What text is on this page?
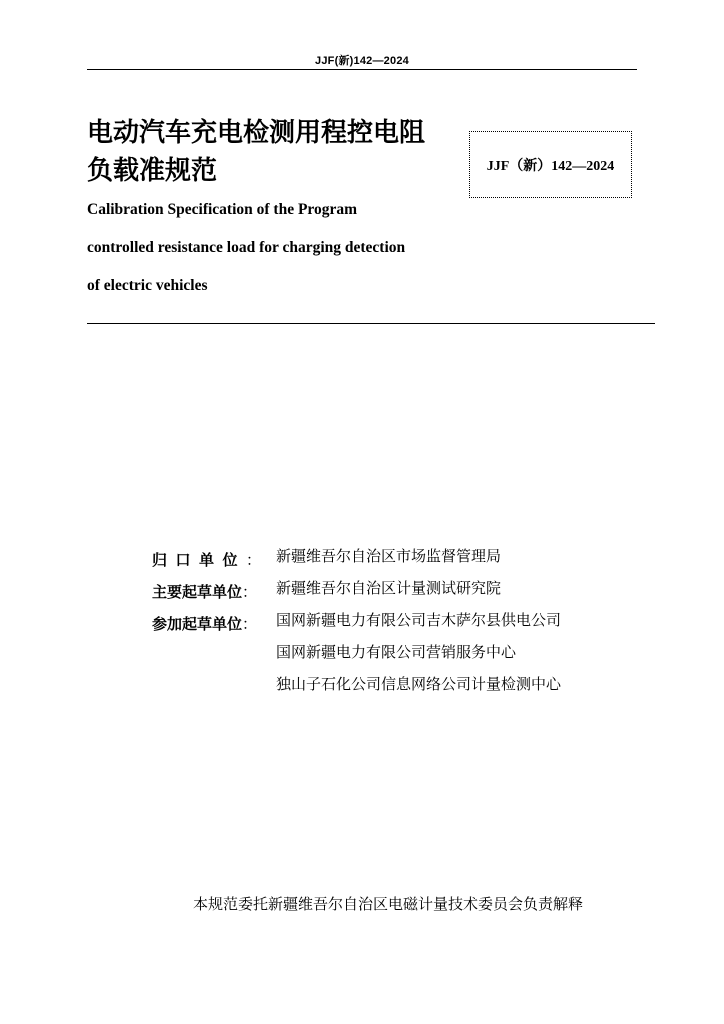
JJF(新)142—2024
电动汽车充电检测用程控电阻
负载准规范	JJF（新）142—2024
Calibration Specification of the Program
controlled resistance load for charging detection
of electric vehicles
归口单位 ： 新疆维吾尔自治区市场监督管理局
主要起草单位 ： 新疆维吾尔自治区计量测试研究院
参加起草单位 ： 国网新疆电力有限公司吉木萨尔县供电公司
国网新疆电力有限公司营销服务中心
独山子石化公司信息网络公司计量检测中心
本规范委托新疆维吾尔自治区电磁计量技术委员会负责解释
